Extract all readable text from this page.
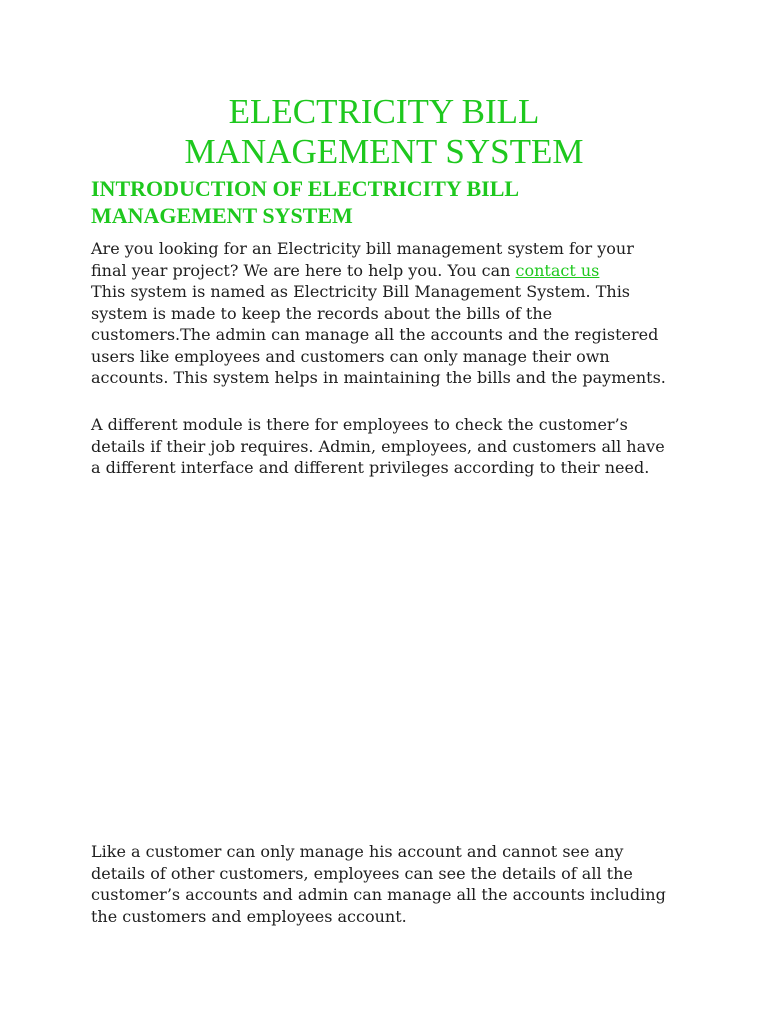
ELECTRICITY BILL
MANAGEMENT SYSTEM
INTRODUCTION OF ELECTRICITY BILL
MANAGEMENT SYSTEM

Are you looking for an Electricity bill management system for your
final year project? We are here to help you. You can contact us
This system is named as Electricity Bill Management System. This
system is made to keep the records about the bills of the
customers.The admin can manage all the accounts and the registered
users like employees and customers can only manage their own
accounts. This system helps in maintaining the bills and the payments.

A different module is there for employees to check the customer’s
details if their job requires. Admin, employees, and customers all have
a different interface and different privileges according to their need.

Like a customer can only manage his account and cannot see any
details of other customers, employees can see the details of all the
customer’s accounts and admin can manage all the accounts including
the customers and employees account.
